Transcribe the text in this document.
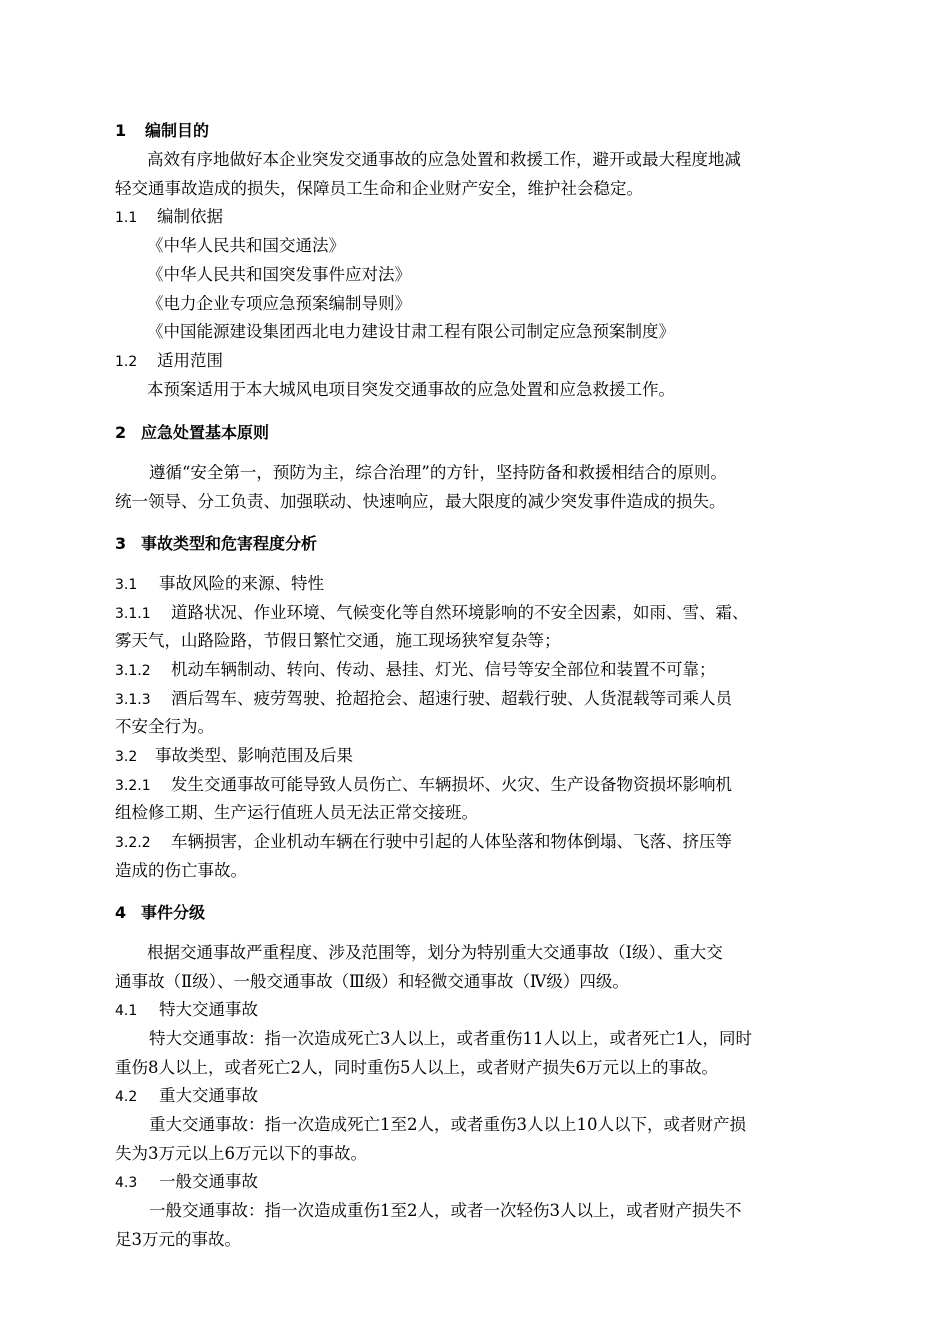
1 编制目的
高效有序地做好本企业突发交通事故的应急处置和救援工作，避开或最大程度地减
轻交通事故造成的损失，保障员工生命和企业财产安全，维护社会稳定。
1.1 编制依据
《中华人民共和国交通法》
《中华人民共和国突发事件应对法》
《电力企业专项应急预案编制导则》
《中国能源建设集团西北电力建设甘肃工程有限公司制定应急预案制度》
1.2 适用范围
本预案适用于本大城风电项目突发交通事故的应急处置和应急救援工作。
2 应急处置基本原则
遵循“安全第一，预防为主，综合治理”的方针，坚持防备和救援相结合的原则。
统一领导、分工负责、加强联动、快速响应，最大限度的减少突发事件造成的损失。
3 事故类型和危害程度分析
3.1 事故风险的来源、特性
3.1.1 道路状况、作业环境、气候变化等自然环境影响的不安全因素，如雨、雪、霜、
雾天气，山路险路，节假日繁忙交通，施工现场狭窄复杂等；
3.1.2 机动车辆制动、转向、传动、悬挂、灯光、信号等安全部位和装置不可靠；
3.1.3 酒后驾车、疲劳驾驶、抢超抢会、超速行驶、超载行驶、人货混载等司乘人员
不安全行为。
3.2 事故类型、影响范围及后果
3.2.1 发生交通事故可能导致人员伤亡、车辆损坏、火灾、生产设备物资损坏影响机
组检修工期、生产运行值班人员无法正常交接班。
3.2.2 车辆损害，企业机动车辆在行驶中引起的人体坠落和物体倒塌、飞落、挤压等
造成的伤亡事故。
4 事件分级
根据交通事故严重程度、涉及范围等，划分为特别重大交通事故（Ⅰ级）、重大交
通事故（Ⅱ级）、一般交通事故（Ⅲ级）和轻微交通事故（Ⅳ级）四级。
4.1 特大交通事故
特大交通事故：指一次造成死亡3人以上，或者重伤11人以上，或者死亡1人，同时
重伤8人以上，或者死亡2人，同时重伤5人以上，或者财产损失6万元以上的事故。
4.2 重大交通事故
重大交通事故：指一次造成死亡1至2人，或者重伤3人以上10人以下，或者财产损
失为3万元以上6万元以下的事故。
4.3 一般交通事故
一般交通事故：指一次造成重伤1至2人，或者一次轻伤3人以上，或者财产损失不
足3万元的事故。
